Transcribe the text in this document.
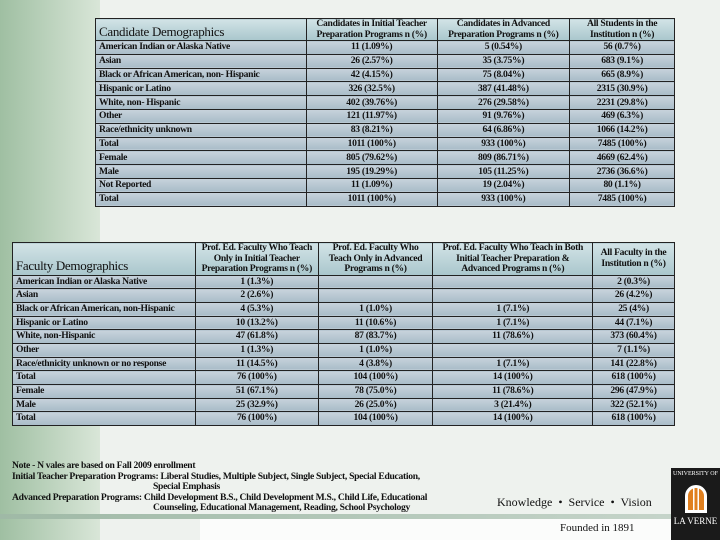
Candidate Demographics	Candidates in Initial Teacher Preparation Programs n (%)	Candidates in Advanced Preparation Programs n (%)	All Students in the Institution n (%)
American Indian or Alaska Native	11 (1.09%)	5 (0.54%)	56 (0.7%)
Asian	26 (2.57%)	35 (3.75%)	683 (9.1%)
Black or African American, non- Hispanic	42 (4.15%)	75 (8.04%)	665 (8.9%)
Hispanic or Latino	326 (32.5%)	387 (41.48%)	2315 (30.9%)
White, non- Hispanic	402 (39.76%)	276 (29.58%)	2231 (29.8%)
Other	121 (11.97%)	91 (9.76%)	469 (6.3%)
Race/ethnicity unknown	83 (8.21%)	64 (6.86%)	1066 (14.2%)
Total	1011 (100%)	933 (100%)	7485 (100%)
Female	805 (79.62%)	809 (86.71%)	4669 (62.4%)
Male	195 (19.29%)	105 (11.25%)	2736 (36.6%)
Not Reported	11 (1.09%)	19 (2.04%)	80 (1.1%)
Total	1011 (100%)	933 (100%)	7485 (100%)
Faculty Demographics	Prof. Ed. Faculty Who Teach Only in Initial Teacher Preparation Programs n (%)	Prof. Ed. Faculty Who Teach Only in Advanced Programs n (%)	Prof. Ed. Faculty Who Teach in Both Initial Teacher Preparation & Advanced Programs n (%)	All Faculty in the Institution n (%)
American Indian or Alaska Native	1 (1.3%)			2 (0.3%)
Asian	2 (2.6%)			26 (4.2%)
Black or African American, non-Hispanic	4 (5.3%)	1 (1.0%)	1 (7.1%)	25 (4%)
Hispanic or Latino	10 (13.2%)	11 (10.6%)	1 (7.1%)	44 (7.1%)
White, non-Hispanic	47 (61.8%)	87 (83.7%)	11 (78.6%)	373 (60.4%)
Other	1 (1.3%)	1 (1.0%)		7 (1.1%)
Race/ethnicity unknown or no response	11 (14.5%)	4 (3.8%)	1 (7.1%)	141 (22.8%)
Total	76 (100%)	104 (100%)	14 (100%)	618 (100%)
Female	51 (67.1%)	78 (75.0%)	11 (78.6%)	296 (47.9%)
Male	25 (32.9%)	26 (25.0%)	3 (21.4%)	322 (52.1%)
Total	76 (100%)	104 (100%)	14 (100%)	618 (100%)
Note - N vales are based on Fall 2009 enrollment
Initial Teacher Preparation Programs: Liberal Studies, Multiple Subject, Single Subject, Special Education,
Special Emphasis
Advanced Preparation Programs: Child Development B.S., Child Development M.S., Child Life, Educational
Counseling, Educational Management, Reading, School Psychology	Knowledge • Service • Vision
Founded in 1891
UNIVERSITY OF
LA VERNE
